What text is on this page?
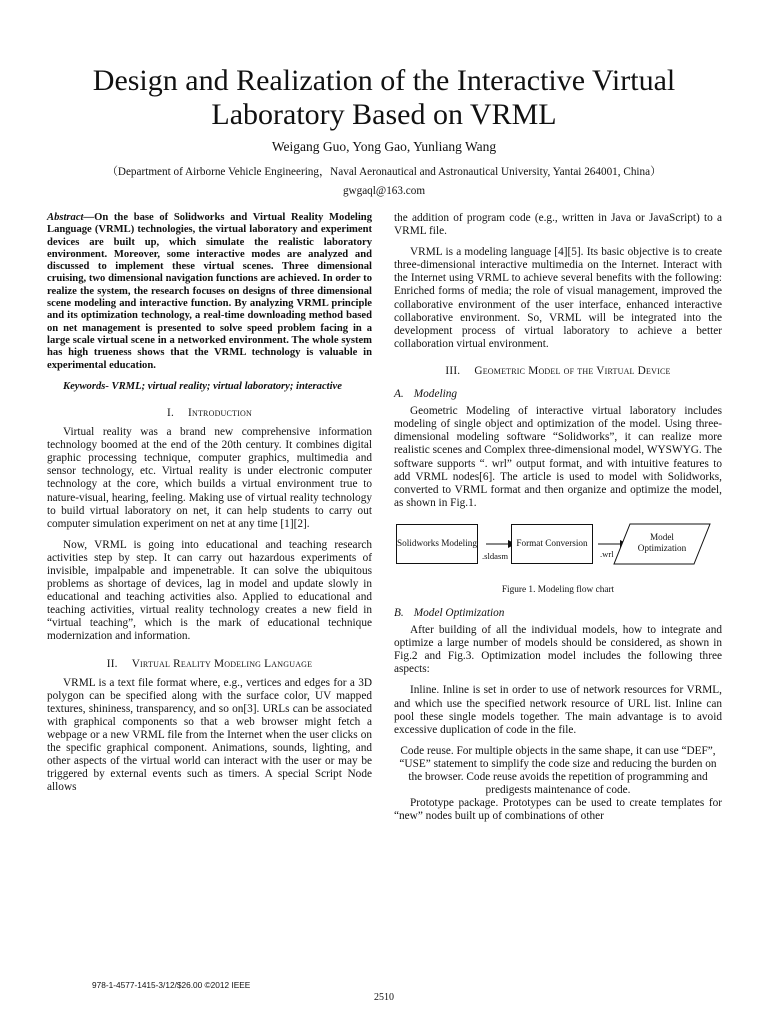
Design and Realization of the Interactive Virtual Laboratory Based on VRML
Weigang Guo, Yong Gao, Yunliang Wang
（Department of Airborne Vehicle Engineering，Naval Aeronautical and Astronautical University, Yantai 264001, China）
gwgaql@163.com

Abstract—On the base of Solidworks and Virtual Reality Modeling Language (VRML) technologies, the virtual laboratory and experiment devices are built up, which simulate the realistic laboratory environment. Moreover, some interactive modes are analyzed and discussed to implement these virtual scenes. Three dimensional cruising, two dimensional navigation functions are achieved. In order to realize the system, the research focuses on designs of three dimensional scene modeling and interactive function. By analyzing VRML principle and its optimization technology, a real-time downloading method based on net management is presented to solve speed problem facing in a large scale virtual scene in a networked environment. The whole system has high trueness shows that the VRML technology is valuable in experimental education.

Keywords- VRML; virtual reality; virtual laboratory; interactive

I. Introduction

Virtual reality was a brand new comprehensive information technology boomed at the end of the 20th century. It combines digital graphic processing technique, computer graphics, multimedia and sensor technology, etc. Virtual reality is under electronic computer technology at the core, which builds a virtual environment true to nature-visual, hearing, feeling. Making use of virtual reality technology to build virtual laboratory on net, it can help students to carry out computer simulation experiment on net at any time [1][2].

Now, VRML is going into educational and teaching research activities step by step. It can carry out hazardous experiments of invisible, impalpable and impenetrable. It can solve the ubiquitous problems as shortage of devices, lag in model and update slowly in educational and teaching activities also. Applied to educational and teaching activities, virtual reality technology creates a new field in “virtual teaching”, which is the mark of educational technique modernization and information.

II. Virtual Reality Modeling Language

VRML is a text file format where, e.g., vertices and edges for a 3D polygon can be specified along with the surface color, UV mapped textures, shininess, transparency, and so on[3]. URLs can be associated with graphical components so that a web browser might fetch a webpage or a new VRML file from the Internet when the user clicks on the specific graphical component. Animations, sounds, lighting, and other aspects of the virtual world can interact with the user or may be triggered by external events such as timers. A special Script Node allows

the addition of program code (e.g., written in Java or JavaScript) to a VRML file.

VRML is a modeling language [4][5]. Its basic objective is to create three-dimensional interactive multimedia on the Internet. Interact with the Internet using VRML to achieve several benefits with the following: Enriched forms of media; the role of visual management, improved the collaborative environment of the user interface, enhanced interactive collaborative environment. So, VRML will be integrated into the development process of virtual laboratory to achieve a better collaboration virtual environment.

III. Geometric Model of the Virtual Device
A. Modeling

Geometric Modeling of interactive virtual laboratory includes modeling of single object and optimization of the model. Using three-dimensional modeling software “Solidworks”, it can realize more realistic scenes and Complex three-dimensional model, WYSWYG. The software supports “. wrl” output format, and with intuitive features to add VRML nodes[6]. The article is used to model with Solidworks, converted to VRML format and then organize and optimize the model, as shown in Fig.1.

Solidworks Modeling	Format Conversion
Model Optimization
.sldasm	.wrl
Figure 1. Modeling flow chart
B. Model Optimization

After building of all the individual models, how to integrate and optimize a large number of models should be considered, as shown in Fig.2 and Fig.3. Optimization model includes the following three aspects:

Inline. Inline is set in order to use of network resources for VRML, and which use the specified network resource of URL list. Inline can pool these single models together. The main advantage is to avoid excessive duplication of code in the file.

Code reuse. For multiple objects in the same shape, it can use “DEF”, “USE” statement to simplify the code size and reducing the burden on the browser. Code reuse avoids the repetition of programming and predigests maintenance of code.

Prototype package. Prototypes can be used to create templates for “new” nodes built up of combinations of other

978-1-4577-1415-3/12/$26.00 ©2012 IEEE
2510
